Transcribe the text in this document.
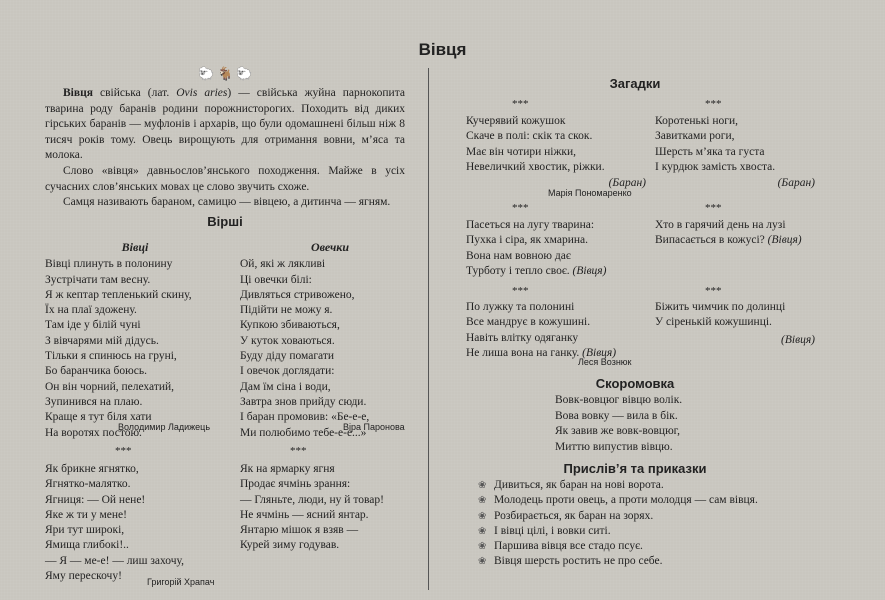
Вівця
🐑🐐🐑

Вівця свійська (лат. Ovis aries) — свійська жуйна парнокопита тварина роду баранів родини порожнисторогих. Походить від диких гірських баранів — муфлонів і архарів, що були одомашнені більш ніж 8 тисяч років тому. Овець вирощують для отримання вовни, м’яса та молока.

Слово «вівця» давньослов’янського походження. Майже в усіх сучасних слов’янських мовах це слово звучить схоже.

Самця називають бараном, самицю — вівцею, а дитинча — ягням.

Вірші
Вівці
Вівці плинуть в полонину
Зустрічати там весну.
Я ж кептар тепленький скину,
Їх на плаї здожену.
Там іде у білій чуні
З вівчарями мій дідусь.
Тільки я спинюсь на груні,
Бо баранчика боюсь.
Он він чорний, пелехатий,
Зупинився на плаю.
Краще я тут біля хати
На воротях постою.
Володимир Ладижець
Овечки
Ой, які ж лякливі
Ці овечки білі:
Дивляться стривожено,
Підійти не можу я.
Купкою збиваються,
У куток ховаються.
Буду діду помагати
І овечок доглядати:
Дам їм сіна і води,
Завтра знов прийду сюди.
І баран промовив: «Бе-е-е,
Ми полюбимо тебе-е-е...»
Віра Паронова
***	***
Як брикне ягнятко,
Ягнятко-малятко.
Ягниця: — Ой нене!
Яке ж ти у мене!
Яри тут широкі,
Ямища глибокі!..
— Я — ме-е! — лиш захочу,
Яму перескочу!	Григорій Храпач
Як на ярмарку ягня
Продає ячмінь зрання:
— Гляньте, люди, ну й товар!
Не ячмінь — ясний янтар.
Янтарю мішок я взяв —
Курей зиму годував.
Загадки
***	***
Кучерявий кожушок
Скаче в полі: скік та скок.
Має він чотири ніжки,
Невеличкий хвостик, ріжки.
(Баран)
Марія Пономаренко
Коротенькі ноги,
Завитками роги,
Шерсть м’яка та густа
І курдюк замість хвоста.
(Баран)
***	***
Пасеться на лугу тварина:
Пухка і сіра, як хмарина.
Вона нам вовною дає
Турботу і тепло своє. (Вівця)
Хто в гарячий день на лузі
Випасається в кожусі? (Вівця)
***	***
По лужку та полонині
Все мандрує в кожушині.
Навіть влітку одяганку
Не лиша вона на ганку. (Вівця)
Леся Вознюк
Біжить чимчик по долинці
У сіренькій кожушинці.
(Вівця)
Скоромовка
Вовк-вовцюг вівцю волік.
Вова вовку — вила в бік.
Як завив же вовк-вовцюг,
Миттю випустив вівцю.
Прислів’я та приказки
❀ Дивиться, як баран на нові ворота.
❀ Молодець проти овець, а проти молодця — сам вівця.
❀ Розбирається, як баран на зорях.
❀ І вівці цілі, і вовки ситі.
❀ Паршива вівця все стадо псує.
❀ Вівця шерсть ростить не про себе.
